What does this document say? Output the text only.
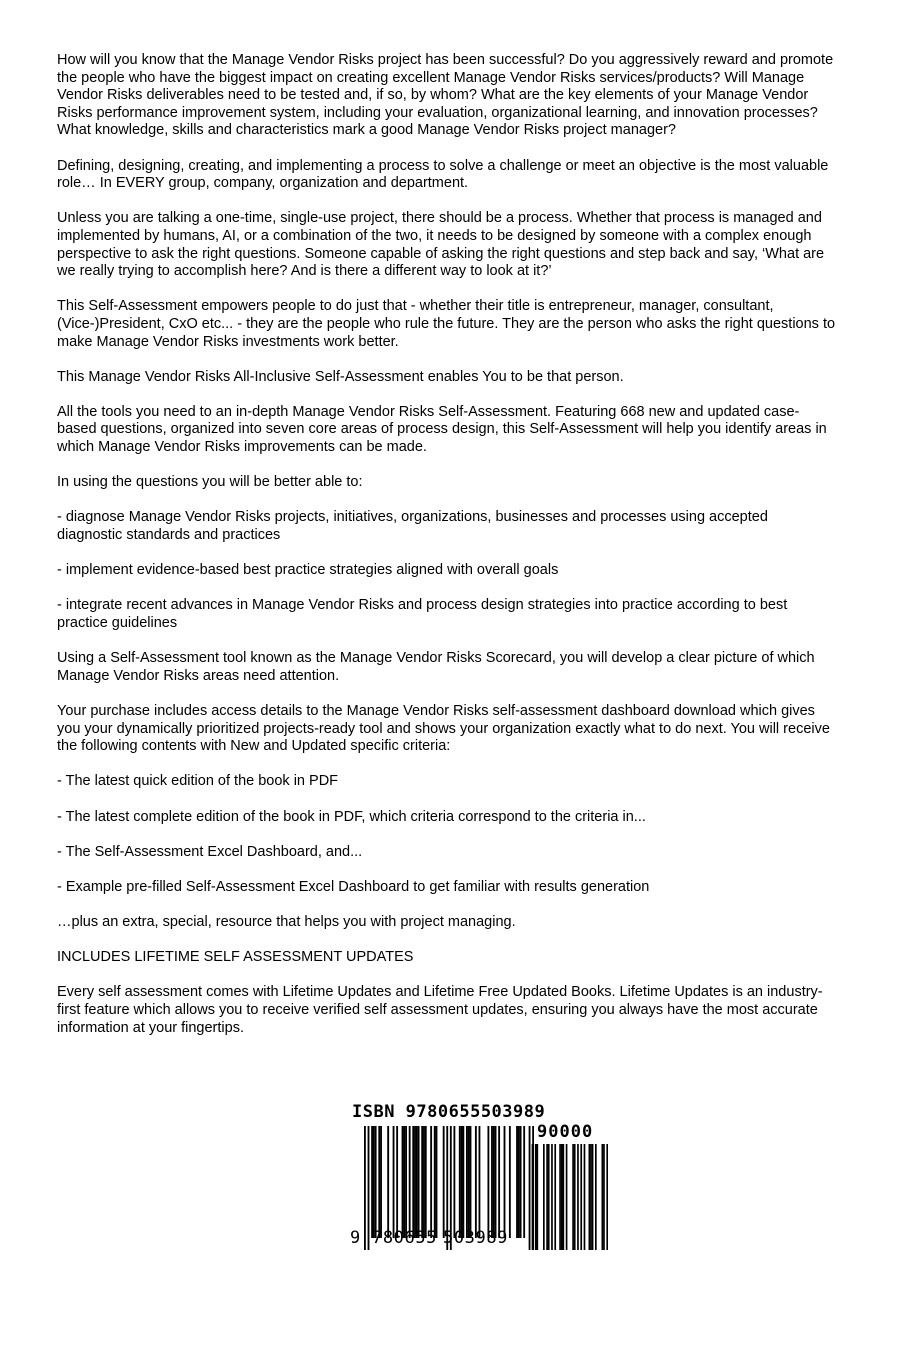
How will you know that the Manage Vendor Risks project has been successful? Do you aggressively reward and promote the people who have the biggest impact on creating excellent Manage Vendor Risks services/products? Will Manage Vendor Risks deliverables need to be tested and, if so, by whom? What are the key elements of your Manage Vendor Risks performance improvement system, including your evaluation, organizational learning, and innovation processes? What knowledge, skills and characteristics mark a good Manage Vendor Risks project manager?

Defining, designing, creating, and implementing a process to solve a challenge or meet an objective is the most valuable role… In EVERY group, company, organization and department.

Unless you are talking a one-time, single-use project, there should be a process. Whether that process is managed and implemented by humans, AI, or a combination of the two, it needs to be designed by someone with a complex enough perspective to ask the right questions. Someone capable of asking the right questions and step back and say, ‘What are we really trying to accomplish here? And is there a different way to look at it?’

This Self-Assessment empowers people to do just that - whether their title is entrepreneur, manager, consultant, (Vice-)President, CxO etc... - they are the people who rule the future. They are the person who asks the right questions to make Manage Vendor Risks investments work better.

This Manage Vendor Risks All-Inclusive Self-Assessment enables You to be that person.

All the tools you need to an in-depth Manage Vendor Risks Self-Assessment. Featuring 668 new and updated case-based questions, organized into seven core areas of process design, this Self-Assessment will help you identify areas in which Manage Vendor Risks improvements can be made.

In using the questions you will be better able to:

- diagnose Manage Vendor Risks projects, initiatives, organizations, businesses and processes using accepted diagnostic standards and practices

- implement evidence-based best practice strategies aligned with overall goals

- integrate recent advances in Manage Vendor Risks and process design strategies into practice according to best practice guidelines

Using a Self-Assessment tool known as the Manage Vendor Risks Scorecard, you will develop a clear picture of which Manage Vendor Risks areas need attention.

Your purchase includes access details to the Manage Vendor Risks self-assessment dashboard download which gives you your dynamically prioritized projects-ready tool and shows your organization exactly what to do next. You will receive the following contents with New and Updated specific criteria:

- The latest quick edition of the book in PDF

- The latest complete edition of the book in PDF, which criteria correspond to the criteria in...

- The Self-Assessment Excel Dashboard, and...

- Example pre-filled Self-Assessment Excel Dashboard to get familiar with results generation

…plus an extra, special, resource that helps you with project managing.

INCLUDES LIFETIME SELF ASSESSMENT UPDATES

Every self assessment comes with Lifetime Updates and Lifetime Free Updated Books. Lifetime Updates is an industry-first feature which allows you to receive verified self assessment updates, ensuring you always have the most accurate information at your fingertips.

ISBN 9780655503989
90000
9 780655 503989
